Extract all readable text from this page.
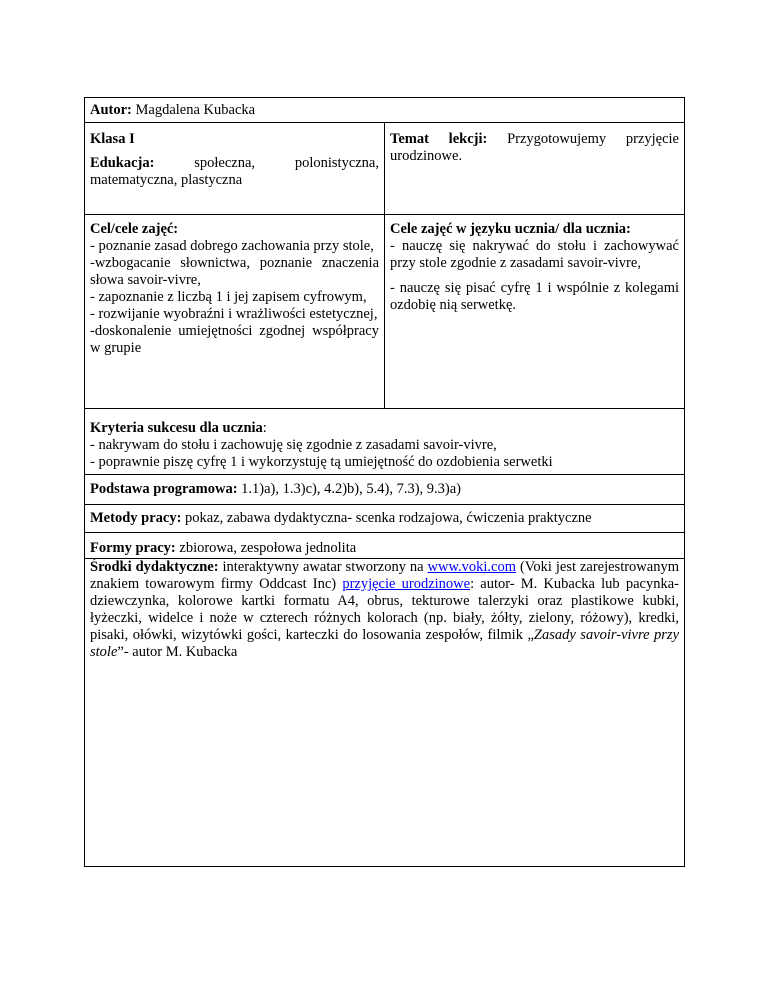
Autor: Magdalena Kubacka
Klasa I
Edukacja: społeczna, polonistyczna, matematyczna, plastyczna
Temat lekcji: Przygotowujemy przyjęcie urodzinowe.
Cel/cele zajęć:
- poznanie zasad dobrego zachowania przy stole,
-wzbogacanie słownictwa, poznanie znaczenia słowa savoir-vivre,
- zapoznanie z liczbą 1 i jej zapisem cyfrowym,
- rozwijanie wyobraźni i wrażliwości estetycznej,
-doskonalenie umiejętności zgodnej współpracy w grupie
Cele zajęć w języku ucznia/ dla ucznia:
- nauczę się nakrywać do stołu i zachowywać przy stole zgodnie z zasadami savoir-vivre,
- nauczę się pisać cyfrę 1 i wspólnie z kolegami ozdobię nią serwetkę.
Kryteria sukcesu dla ucznia:
- nakrywam do stołu i zachowuję się zgodnie z zasadami savoir-vivre,
- poprawnie piszę cyfrę 1 i wykorzystuję tą umiejętność do ozdobienia serwetki
Podstawa programowa: 1.1)a), 1.3)c), 4.2)b), 5.4), 7.3), 9.3)a)
Metody pracy: pokaz, zabawa dydaktyczna- scenka rodzajowa, ćwiczenia praktyczne
Formy pracy: zbiorowa, zespołowa jednolita
Środki dydaktyczne: interaktywny awatar stworzony na www.voki.com (Voki jest zarejestrowanym znakiem towarowym firmy Oddcast Inc) przyjęcie urodzinowe: autor- M. Kubacka lub pacynka- dziewczynka, kolorowe kartki formatu A4, obrus, tekturowe talerzyki oraz plastikowe kubki, łyżeczki, widelce i noże w czterech różnych kolorach (np. biały, żółty, zielony, różowy), kredki, pisaki, ołówki, wizytówki gości, karteczki do losowania zespołów, filmik „Zasady savoir-vivre przy stole”- autor M. Kubacka
